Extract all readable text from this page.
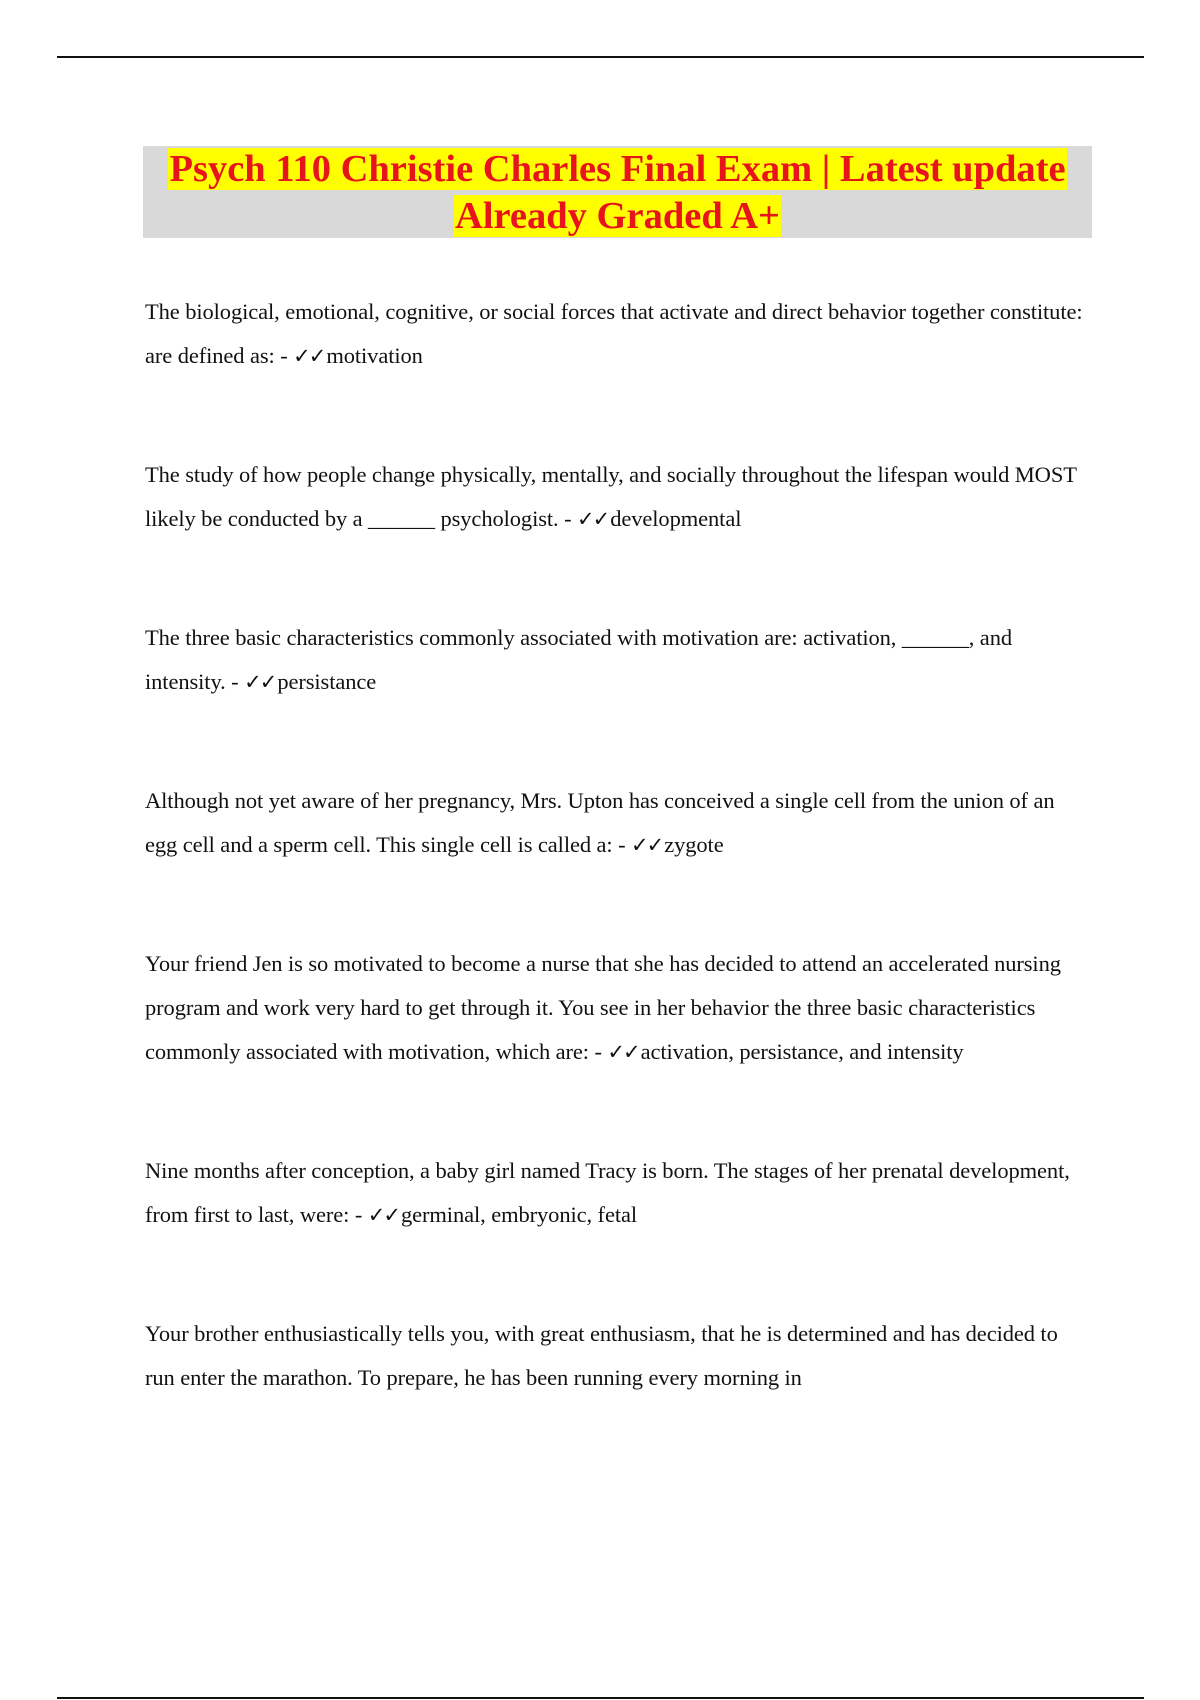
Psych 110 Christie Charles Final Exam | Latest update
Already Graded A+

The biological, emotional, cognitive, or social forces that activate and direct behavior together constitute: are defined as: - ✓✓motivation

The study of how people change physically, mentally, and socially throughout the lifespan would MOST likely be conducted by a ______ psychologist. - ✓✓developmental

The three basic characteristics commonly associated with motivation are: activation, ______, and intensity. - ✓✓persistance

Although not yet aware of her pregnancy, Mrs. Upton has conceived a single cell from the union of an egg cell and a sperm cell. This single cell is called a: - ✓✓zygote

Your friend Jen is so motivated to become a nurse that she has decided to attend an accelerated nursing program and work very hard to get through it. You see in her behavior the three basic characteristics commonly associated with motivation, which are: - ✓✓activation, persistance, and intensity

Nine months after conception, a baby girl named Tracy is born. The stages of her prenatal development, from first to last, were: - ✓✓germinal, embryonic, fetal

Your brother enthusiastically tells you, with great enthusiasm, that he is determined and has decided to run enter the marathon. To prepare, he has been running every morning in
